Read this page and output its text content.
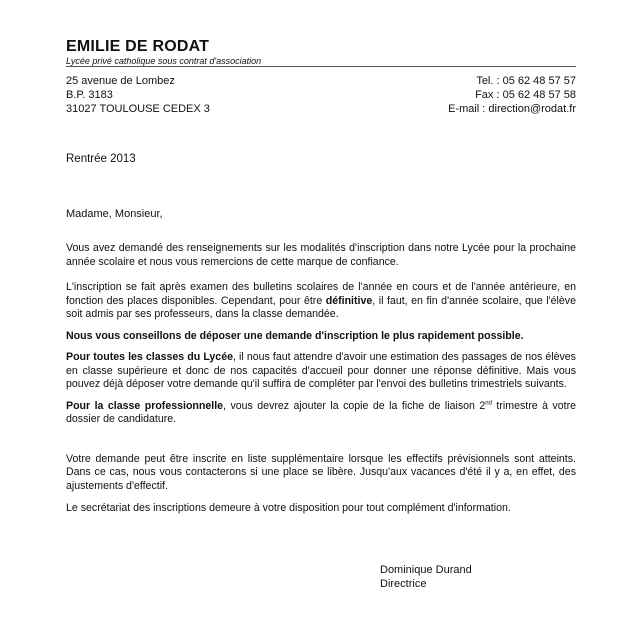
EMILIE DE RODAT
Lycée privé catholique sous contrat d'association
25 avenue de Lombez
B.P. 3183
31027 TOULOUSE CEDEX 3
Tel. : 05 62 48 57 57
Fax : 05 62 48 57 58
E-mail : direction@rodat.fr
Rentrée 2013
Madame, Monsieur,

Vous avez demandé des renseignements sur les modalités d'inscription dans notre Lycée pour la prochaine année scolaire et nous vous remercions de cette marque de confiance.

L'inscription se fait après examen des bulletins scolaires de l'année en cours et de l'année antérieure, en fonction des places disponibles. Cependant, pour être définitive, il faut, en fin d'année scolaire, que l'élève soit admis par ses professeurs, dans la classe demandée.

Nous vous conseillons de déposer une demande d'inscription le plus rapidement possible.

Pour toutes les classes du Lycée, il nous faut attendre d'avoir une estimation des passages de nos élèves en classe supérieure et donc de nos capacités d'accueil pour donner une réponse définitive. Mais vous pouvez déjà déposer votre demande qu'il suffira de compléter par l'envoi des bulletins trimestriels suivants.

Pour la classe professionnelle, vous devrez ajouter la copie de la fiche de liaison 2nd trimestre à votre dossier de candidature.

Votre demande peut être inscrite en liste supplémentaire lorsque les effectifs prévisionnels sont atteints. Dans ce cas, nous vous contacterons si une place se libère. Jusqu'aux vacances d'été il y a, en effet, des ajustements d'effectif.

Le secrétariat des inscriptions demeure à votre disposition pour tout complément d'information.

Dominique Durand
Directrice
